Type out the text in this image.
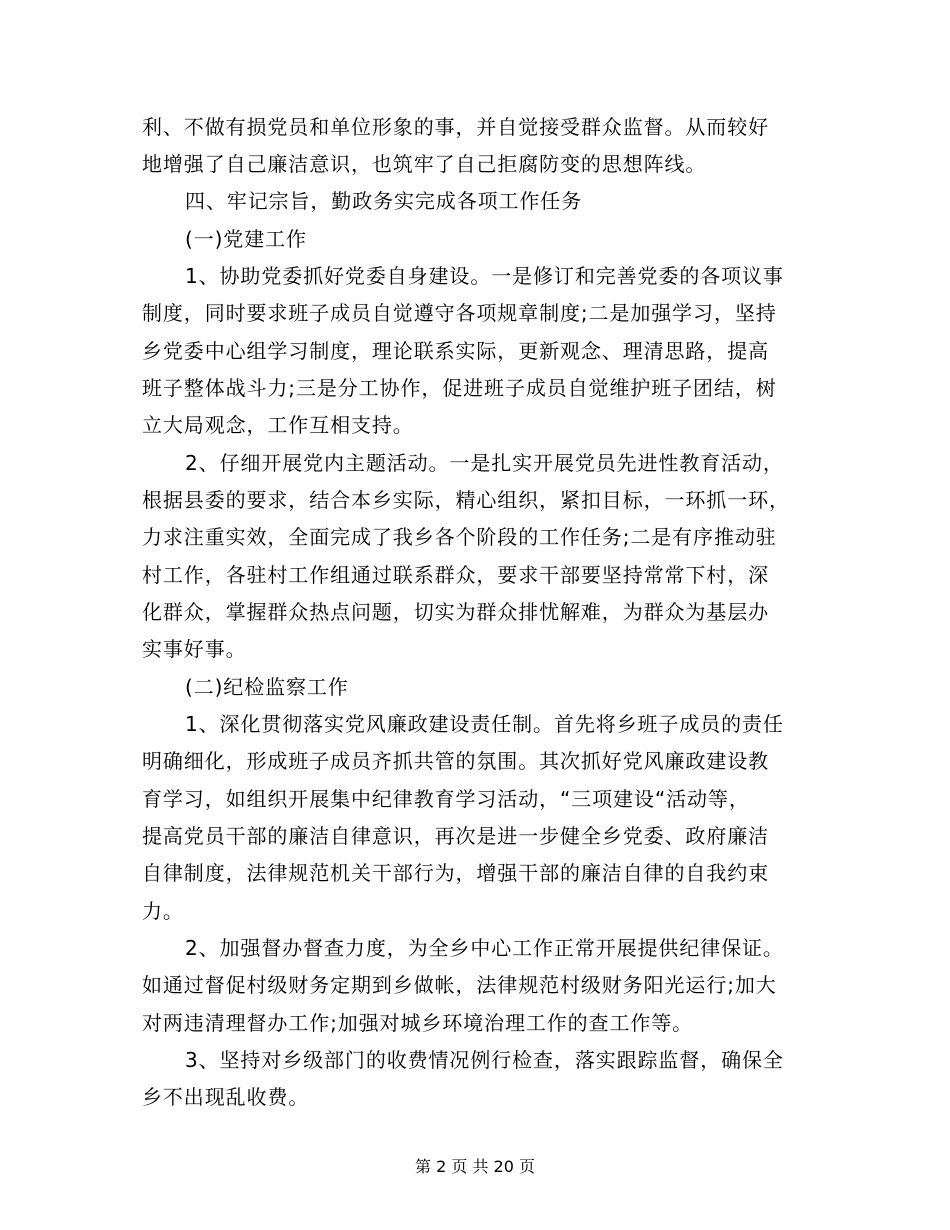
利、不做有损党员和单位形象的事，并自觉接受群众监督。从而较好
地增强了自己廉洁意识，也筑牢了自己拒腐防变的思想阵线。
四、牢记宗旨，勤政务实完成各项工作任务
(一)党建工作
1、协助党委抓好党委自身建设。一是修订和完善党委的各项议事
制度，同时要求班子成员自觉遵守各项规章制度;二是加强学习，坚持
乡党委中心组学习制度，理论联系实际，更新观念、理清思路，提高
班子整体战斗力;三是分工协作，促进班子成员自觉维护班子团结，树
立大局观念，工作互相支持。
2、仔细开展党内主题活动。一是扎实开展党员先进性教育活动，
根据县委的要求，结合本乡实际，精心组织，紧扣目标，一环抓一环，
力求注重实效，全面完成了我乡各个阶段的工作任务;二是有序推动驻
村工作，各驻村工作组通过联系群众，要求干部要坚持常常下村，深
化群众，掌握群众热点问题，切实为群众排忧解难，为群众为基层办
实事好事。
(二)纪检监察工作
1、深化贯彻落实党风廉政建设责任制。首先将乡班子成员的责任
明确细化，形成班子成员齐抓共管的氛围。其次抓好党风廉政建设教
育学习，如组织开展集中纪律教育学习活动，“三项建设“活动等，
提高党员干部的廉洁自律意识，再次是进一步健全乡党委、政府廉洁
自律制度，法律规范机关干部行为，增强干部的廉洁自律的自我约束
力。
2、加强督办督查力度，为全乡中心工作正常开展提供纪律保证。
如通过督促村级财务定期到乡做帐，法律规范村级财务阳光运行;加大
对两违清理督办工作;加强对城乡环境治理工作的查工作等。
3、坚持对乡级部门的收费情况例行检查，落实跟踪监督，确保全
乡不出现乱收费。
第 2 页 共 20 页
